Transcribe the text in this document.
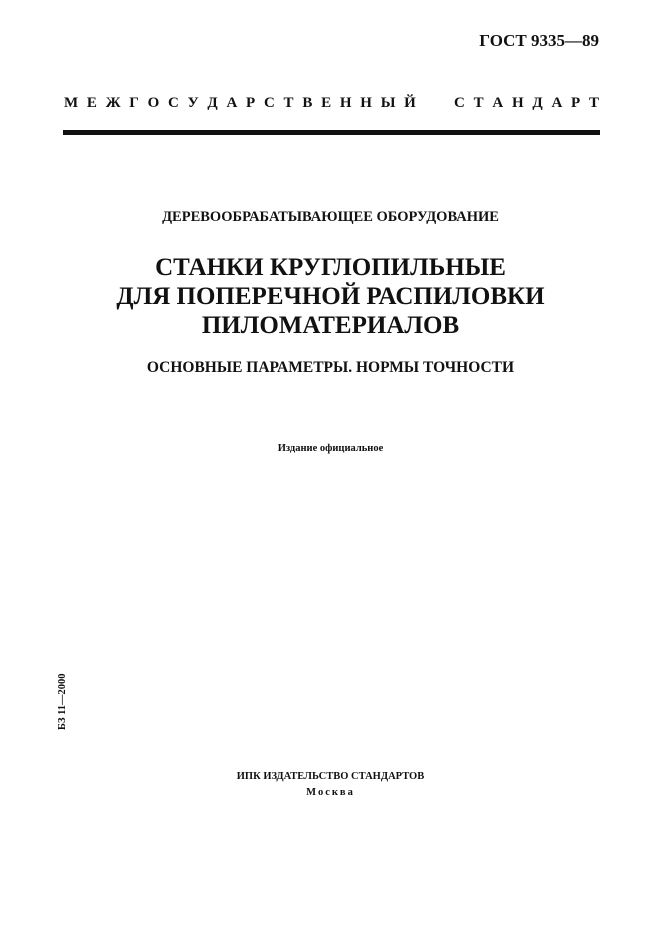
ГОСТ 9335—89
М Е Ж Г О С У Д А Р С Т В Е Н Н Ы Й	С Т А Н Д А Р Т
ДЕРЕВООБРАБАТЫВАЮЩЕЕ ОБОРУДОВАНИЕ
СТАНКИ КРУГЛОПИЛЬНЫЕ
ДЛЯ ПОПЕРЕЧНОЙ РАСПИЛОВКИ
ПИЛОМАТЕРИАЛОВ
ОСНОВНЫЕ ПАРАМЕТРЫ. НОРМЫ ТОЧНОСТИ
Издание официальное
БЗ 11—2000
ИПК ИЗДАТЕЛЬСТВО СТАНДАРТОВ
Москва
